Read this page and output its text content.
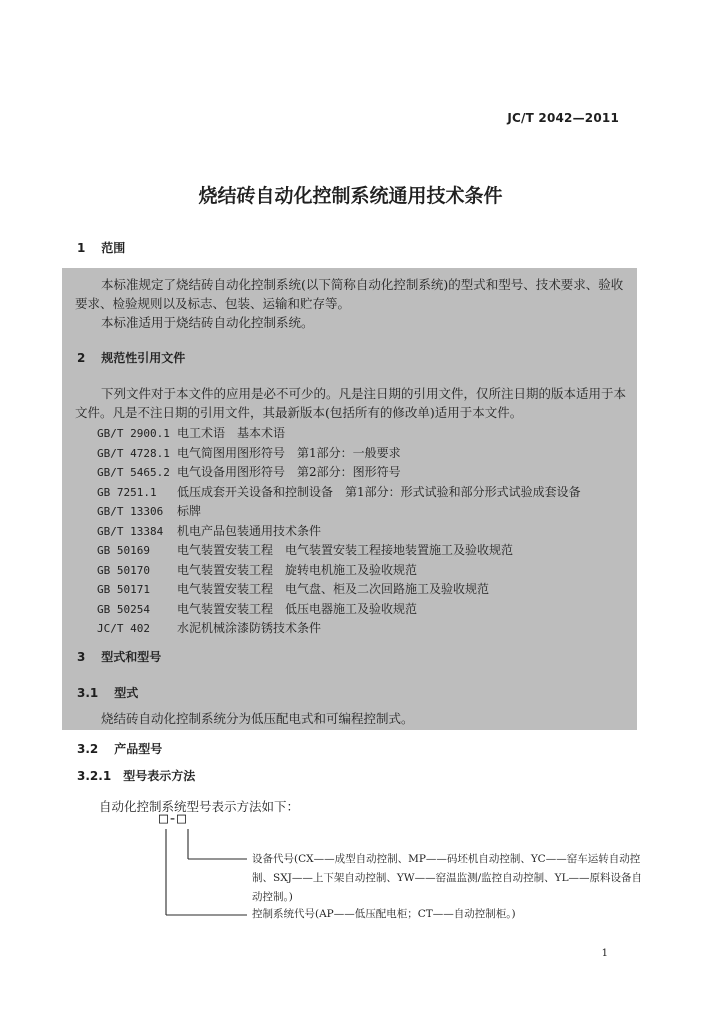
JC/T 2042—2011
烧结砖自动化控制系统通用技术条件
1 范围
本标准规定了烧结砖自动化控制系统(以下简称自动化控制系统)的型式和型号、技术要求、验收要求、检验规则以及标志、包装、运输和贮存等。
本标准适用于烧结砖自动化控制系统。
2 规范性引用文件
下列文件对于本文件的应用是必不可少的。凡是注日期的引用文件，仅所注日期的版本适用于本文件。凡是不注日期的引用文件，其最新版本(包括所有的修改单)适用于本文件。
GB/T 2900.1 电工术语　基本术语
GB/T 4728.1 电气简图用图形符号　第1部分：一般要求
GB/T 5465.2 电气设备用图形符号　第2部分：图形符号
GB 7251.1 低压成套开关设备和控制设备　第1部分：形式试验和部分形式试验成套设备
GB/T 13306 标牌
GB/T 13384 机电产品包装通用技术条件
GB 50169 电气装置安装工程　电气装置安装工程接地装置施工及验收规范
GB 50170 电气装置安装工程　旋转电机施工及验收规范
GB 50171 电气装置安装工程　电气盘、柜及二次回路施工及验收规范
GB 50254 电气装置安装工程　低压电器施工及验收规范
JC/T 402 水泥机械涂漆防锈技术条件
3 型式和型号
3.1 型式
烧结砖自动化控制系统分为低压配电式和可编程控制式。
3.2 产品型号
3.2.1 型号表示方法
自动化控制系统型号表示方法如下：
□-□
设备代号(CX——成型自动控制、MP——码坯机自动控制、YC——窑车运转自动控制、SXJ——上下架自动控制、YW——窑温监测/监控自动控制、YL——原料设备自动控制。)
控制系统代号(AP——低压配电柜；CT——自动控制柜。)
1
